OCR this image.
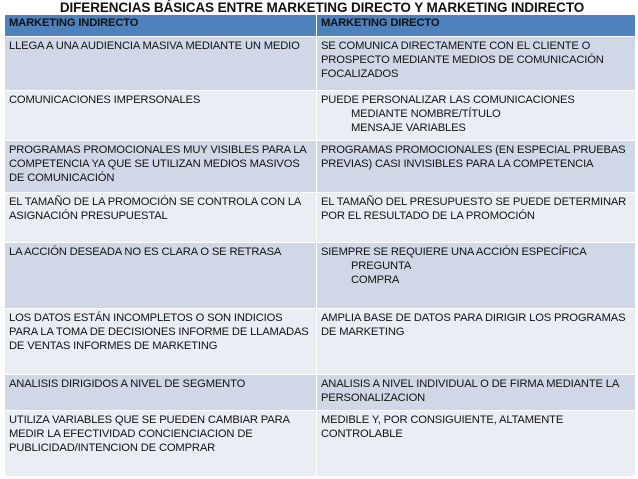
DIFERENCIAS BÁSICAS ENTRE MARKETING DIRECTO Y MARKETING INDIRECTO
MARKETING INDIRECTO	MARKETING DIRECTO
LLEGA A UNA AUDIENCIA MASIVA MEDIANTE UN MEDIO	SE COMUNICA DIRECTAMENTE CON EL CLIENTE O PROSPECTO MEDIANTE MEDIOS DE COMUNICACIÓN FOCALIZADOS
COMUNICACIONES IMPERSONALES	PUEDE PERSONALIZAR LAS COMUNICACIONES
MEDIANTE NOMBRE/TÍTULO
MENSAJE VARIABLES

PROGRAMAS PROMOCIONALES MUY VISIBLES PARA LA COMPETENCIA YA QUE SE UTILIZAN MEDIOS MASIVOS DE COMUNICACIÓN	PROGRAMAS PROMOCIONALES (EN ESPECIAL PRUEBAS PREVIAS) CASI INVISIBLES PARA LA COMPETENCIA
EL TAMAÑO DE LA PROMOCIÓN SE CONTROLA CON LA ASIGNACIÓN PRESUPUESTAL	EL TAMAÑO DEL PRESUPUESTO SE PUEDE DETERMINAR POR EL RESULTADO DE LA PROMOCIÓN
LA ACCIÓN DESEADA NO ES CLARA O SE RETRASA	SIEMPRE SE REQUIERE UNA ACCIÓN ESPECÍFICA
PREGUNTA
COMPRA

LOS DATOS ESTÁN INCOMPLETOS O SON INDICIOS PARA LA TOMA DE DECISIONES INFORME DE LLAMADAS DE VENTAS INFORMES DE MARKETING	AMPLIA BASE DE DATOS PARA DIRIGIR LOS PROGRAMAS DE MARKETING
ANALISIS DIRIGIDOS A NIVEL DE SEGMENTO	ANALISIS A NIVEL INDIVIDUAL O DE FIRMA MEDIANTE LA PERSONALIZACION
UTILIZA VARIABLES QUE SE PUEDEN CAMBIAR PARA MEDIR LA EFECTIVIDAD CONCIENCIACION DE PUBLICIDAD/INTENCION DE COMPRAR	MEDIBLE Y, POR CONSIGUIENTE, ALTAMENTE CONTROLABLE
